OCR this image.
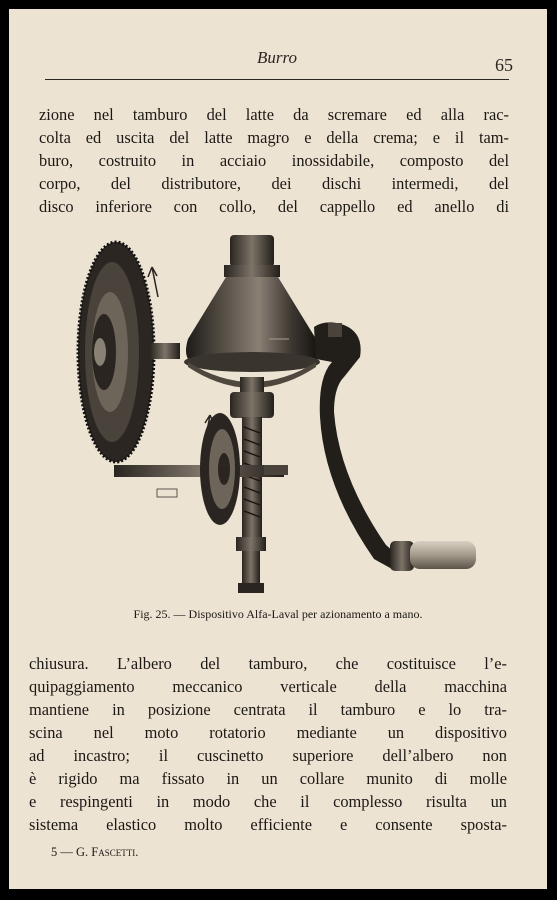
Burro	65
zione nel tamburo del latte da scremare ed alla rac-
colta ed uscita del latte magro e della crema; e il tam-
buro, costruito in acciaio inossidabile, composto del
corpo, del distributore, dei dischi intermedi, del
disco inferiore con collo, del cappello ed anello di
Fig. 25. — Dispositivo Alfa-Laval per azionamento a mano.
chiusura. L’albero del tamburo, che costituisce l’e-
quipaggiamento meccanico verticale della macchina
mantiene in posizione centrata il tamburo e lo tra-
scina nel moto rotatorio mediante un dispositivo
ad incastro; il cuscinetto superiore dell’albero non
è rigido ma fissato in un collare munito di molle
e respingenti in modo che il complesso risulta un
sistema elastico molto efficiente e consente sposta-
5 — G. Fascetti.
